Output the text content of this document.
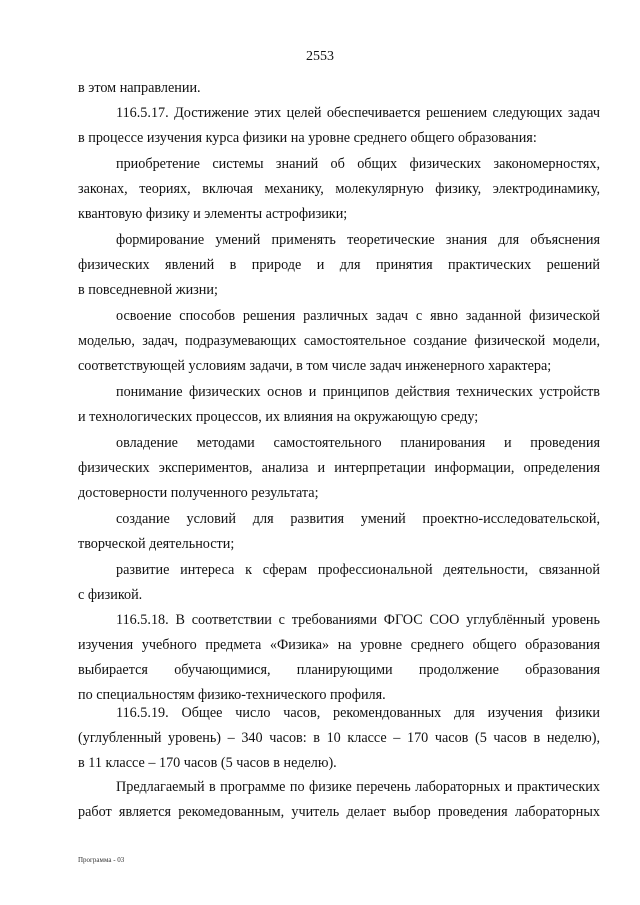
2553
в этом направлении.
116.5.17. Достижение этих целей обеспечивается решением следующих задач
в процессе изучения курса физики на уровне среднего общего образования:
приобретение системы знаний об общих физических закономерностях,
законах, теориях, включая механику, молекулярную физику, электродинамику,
квантовую физику и элементы астрофизики;
формирование умений применять теоретические знания для объяснения
физических явлений в природе и для принятия практических решений
в повседневной жизни;
освоение способов решения различных задач с явно заданной физической
моделью, задач, подразумевающих самостоятельное создание физической модели,
соответствующей условиям задачи, в том числе задач инженерного характера;
понимание физических основ и принципов действия технических устройств
и технологических процессов, их влияния на окружающую среду;
овладение методами самостоятельного планирования и проведения
физических экспериментов, анализа и интерпретации информации, определения
достоверности полученного результата;
создание условий для развития умений проектно-исследовательской,
творческой деятельности;
развитие интереса к сферам профессиональной деятельности, связанной
с физикой.
116.5.18. В соответствии с требованиями ФГОС СОО углублённый уровень
изучения учебного предмета «Физика» на уровне среднего общего образования
выбирается обучающимися, планирующими продолжение образования
по специальностям физико-технического профиля.
116.5.19. Общее число часов, рекомендованных для изучения физики
(углубленный уровень) – 340 часов: в 10 классе – 170 часов (5 часов в неделю),
в 11 классе – 170 часов (5 часов в неделю).
Предлагаемый в программе по физике перечень лабораторных и практических
работ является рекомедованным, учитель делает выбор проведения лабораторных
Программа - 03
